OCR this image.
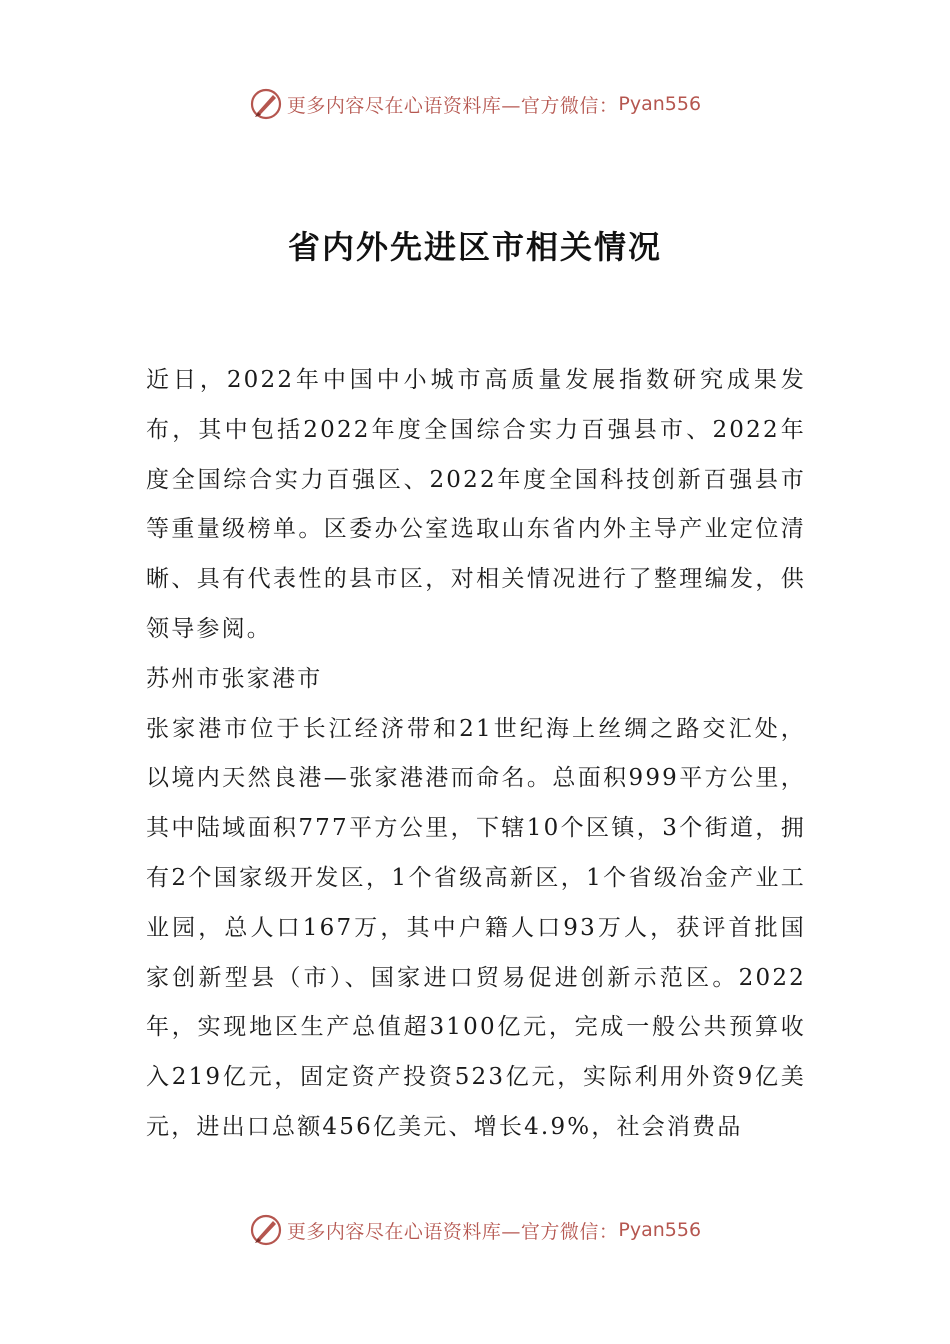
更多内容尽在心语资料库—官方微信： Pyan556
省内外先进区市相关情况

近日，2022年中国中小城市高质量发展指数研究成果发布，其中包括2022年度全国综合实力百强县市、2022年度全国综合实力百强区、2022年度全国科技创新百强县市等重量级榜单。区委办公室选取山东省内外主导产业定位清晰、具有代表性的县市区，对相关情况进行了整理编发，供领导参阅。

苏州市张家港市

张家港市位于长江经济带和21世纪海上丝绸之路交汇处，以境内天然良港—张家港港而命名。总面积999平方公里，其中陆域面积777平方公里，下辖10个区镇，3个街道，拥有2个国家级开发区，1个省级高新区，1个省级冶金产业工业园，总人口167万，其中户籍人口93万人，获评首批国家创新型县（市）、国家进口贸易促进创新示范区。2022年，实现地区生产总值超3100亿元，完成一般公共预算收入219亿元，固定资产投资523亿元，实际利用外资9亿美元，进出口总额456亿美元、增长4.9%，社会消费品

更多内容尽在心语资料库—官方微信： Pyan556
